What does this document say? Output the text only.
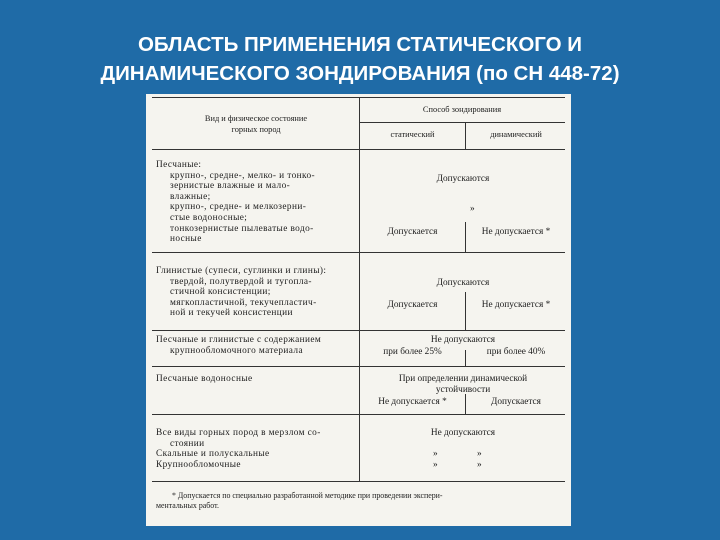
ОБЛАСТЬ ПРИМЕНЕНИЯ СТАТИЧЕСКОГО И
ДИНАМИЧЕСКОГО ЗОНДИРОВАНИЯ (по СН 448-72)
Вид и физическое состояние
горных пород
Способ зондирования
статический	динамический
Песчаные:
крупно-, средне-, мелко- и тонко-
зернистые влажные и мало-
влажные;
крупно-, средне- и мелкозерни-
стые водоносные;
тонкозернистые пылеватые водо-
носные
Допускаются
»
Допускается	Не допускается *
Глинистые (супеси, суглинки и глины):
твердой, полутвердой и тугопла-
стичной консистенции;
мягкопластичной, текучепластич-
ной и текучей консистенции
Допускаются
Допускается	Не допускается *
Песчаные и глинистые с содержанием
крупнообломочного материала
Не допускаются
при более 25%	при более 40%
Песчаные водоносные	При определении динамической
устойчивости
Не допускается *	Допускается
Все виды горных пород в мерзлом со-
стоянии
Скальные и полускальные
Крупнообломочные
Не допускаются
»	»
»	»
* Допускается по специально разработанной методике при проведении экспери-
ментальных работ.
